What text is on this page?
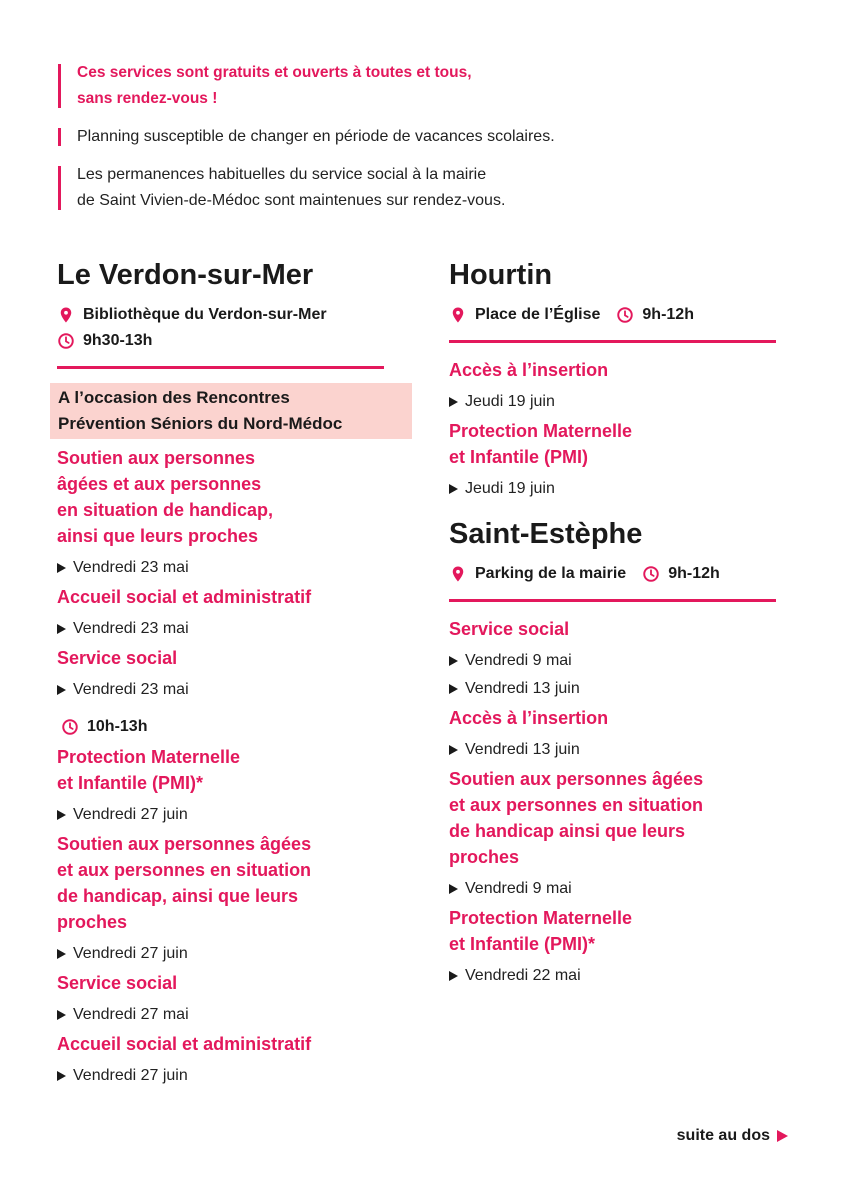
Ces services sont gratuits et ouverts à toutes et tous,
sans rendez-vous !
Planning susceptible de changer en période de vacances scolaires.
Les permanences habituelles du service social à la mairie
de Saint Vivien-de-Médoc sont maintenues sur rendez-vous.
Le Verdon-sur-Mer
Bibliothèque du Verdon-sur-Mer
9h30-13h
A l’occasion des Rencontres
Prévention Séniors du Nord-Médoc
Soutien aux personnes
âgées et aux personnes
en situation de handicap,
ainsi que leurs proches
Vendredi 23 mai
Accueil social et administratif
Vendredi 23 mai
Service social
Vendredi 23 mai
10h-13h
Protection Maternelle
et Infantile (PMI)*
Vendredi 27 juin
Soutien aux personnes âgées
et aux personnes en situation
de handicap, ainsi que leurs
proches
Vendredi 27 juin
Service social
Vendredi 27 mai
Accueil social et administratif
Vendredi 27 juin
Hourtin
Place de l’Église	9h-12h
Accès à l’insertion
Jeudi 19 juin
Protection Maternelle
et Infantile (PMI)
Jeudi 19 juin
Saint-Estèphe
Parking de la mairie	9h-12h
Service social
Vendredi 9 mai
Vendredi 13 juin
Accès à l’insertion
Vendredi 13 juin
Soutien aux personnes âgées
et aux personnes en situation
de handicap ainsi que leurs
proches
Vendredi 9 mai
Protection Maternelle
et Infantile (PMI)*
Vendredi 22 mai
suite au dos
